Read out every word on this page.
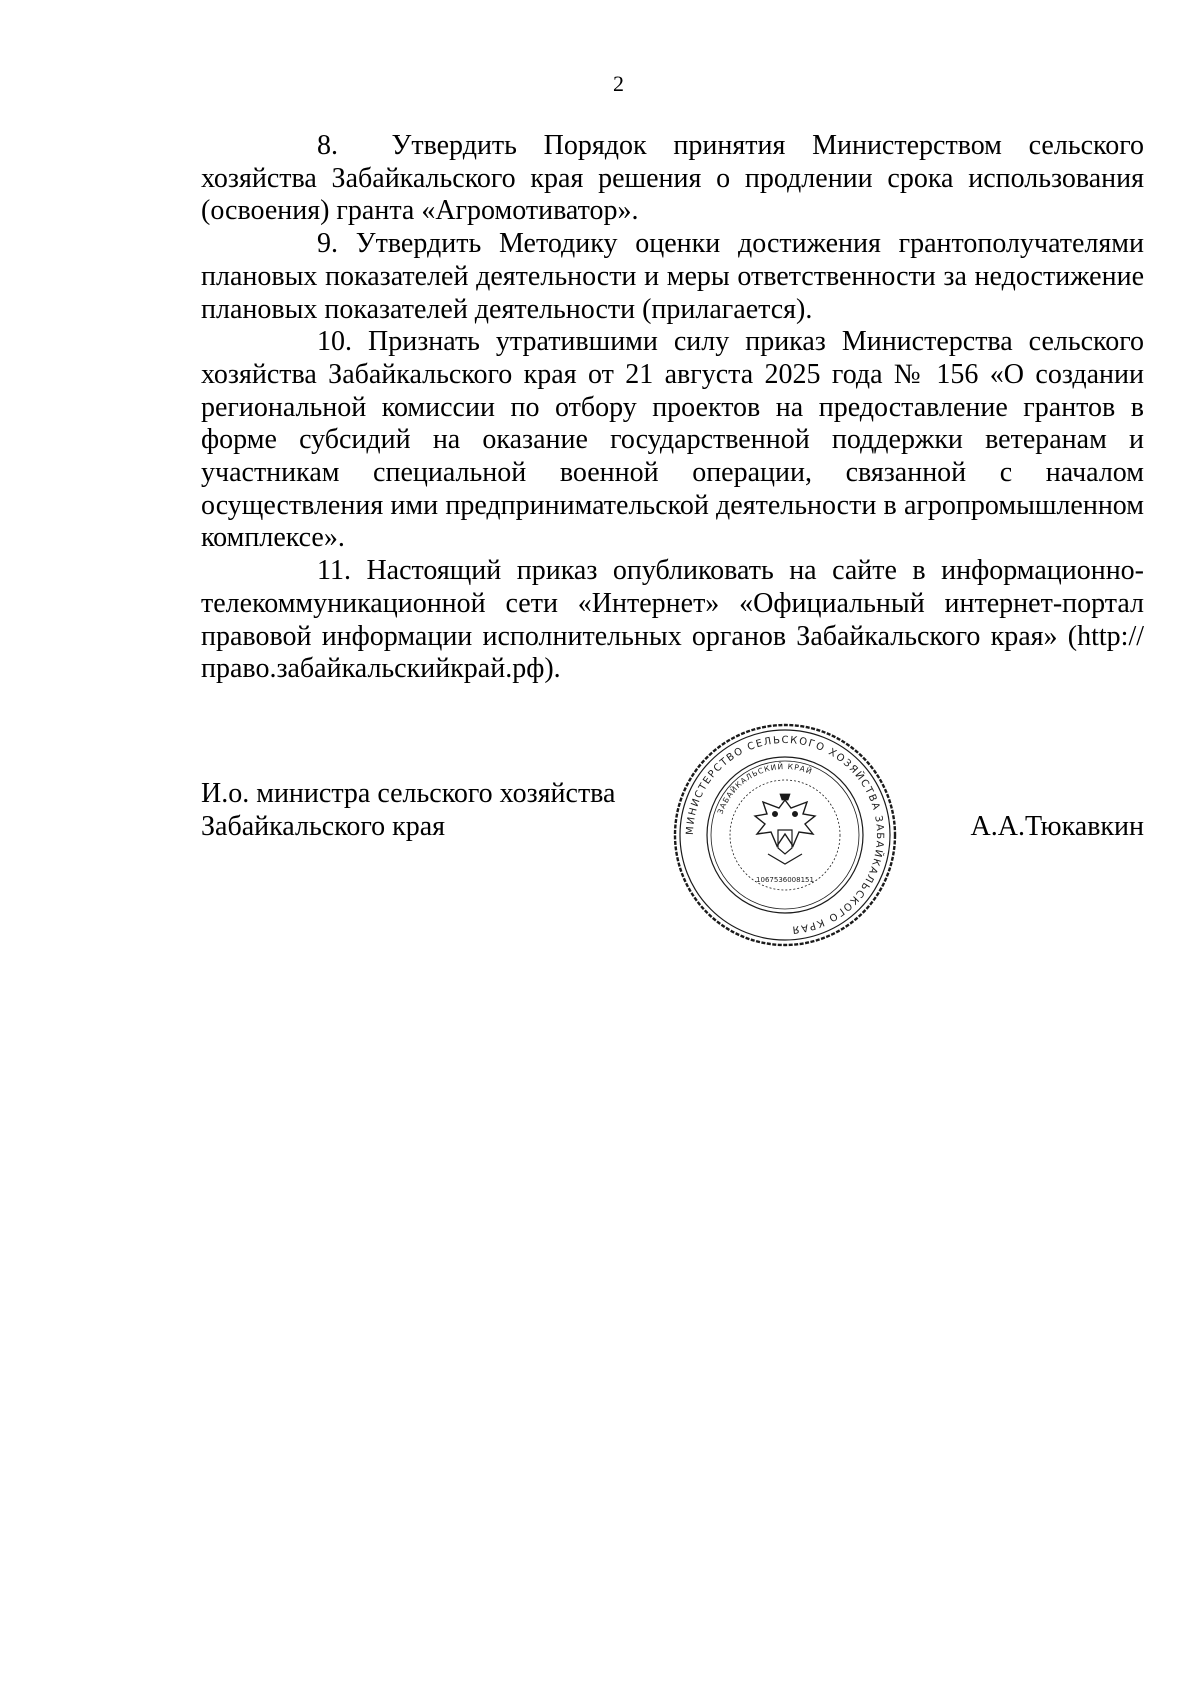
2

8. Утвердить Порядок принятия Министерством сельского хозяйства Забайкальского края решения о продлении срока использования (освоения) гранта «Агромотиватор».

9. Утвердить Методику оценки достижения грантополучателями плановых показателей деятельности и меры ответственности за недостижение плановых показателей деятельности (прилагается).

10. Признать утратившими силу приказ Министерства сельского хозяйства Забайкальского края от 21 августа 2025 года № 156 «О создании региональной комиссии по отбору проектов на предоставление грантов в форме субсидий на оказание государственной поддержки ветеранам и участникам специальной военной операции, связанной с началом осуществления ими предпринимательской деятельности в агропромышленном комплексе».

11. Настоящий приказ опубликовать на сайте в информационно-телекоммуникационной сети «Интернет» «Официальный интернет-портал правовой информации исполнительных органов Забайкальского края» (http://право.забайкальскийкрай.рф).

И.о. министра сельского хозяйства
Забайкальского края	А.А.Тюкавкин
МИНИСТЕРСТВО СЕЛЬСКОГО ХОЗЯЙСТВА ЗАБАЙКАЛЬСКОГО КРАЯ
ЗАБАЙКАЛЬСКИЙ КРАЙ
1067536008151
